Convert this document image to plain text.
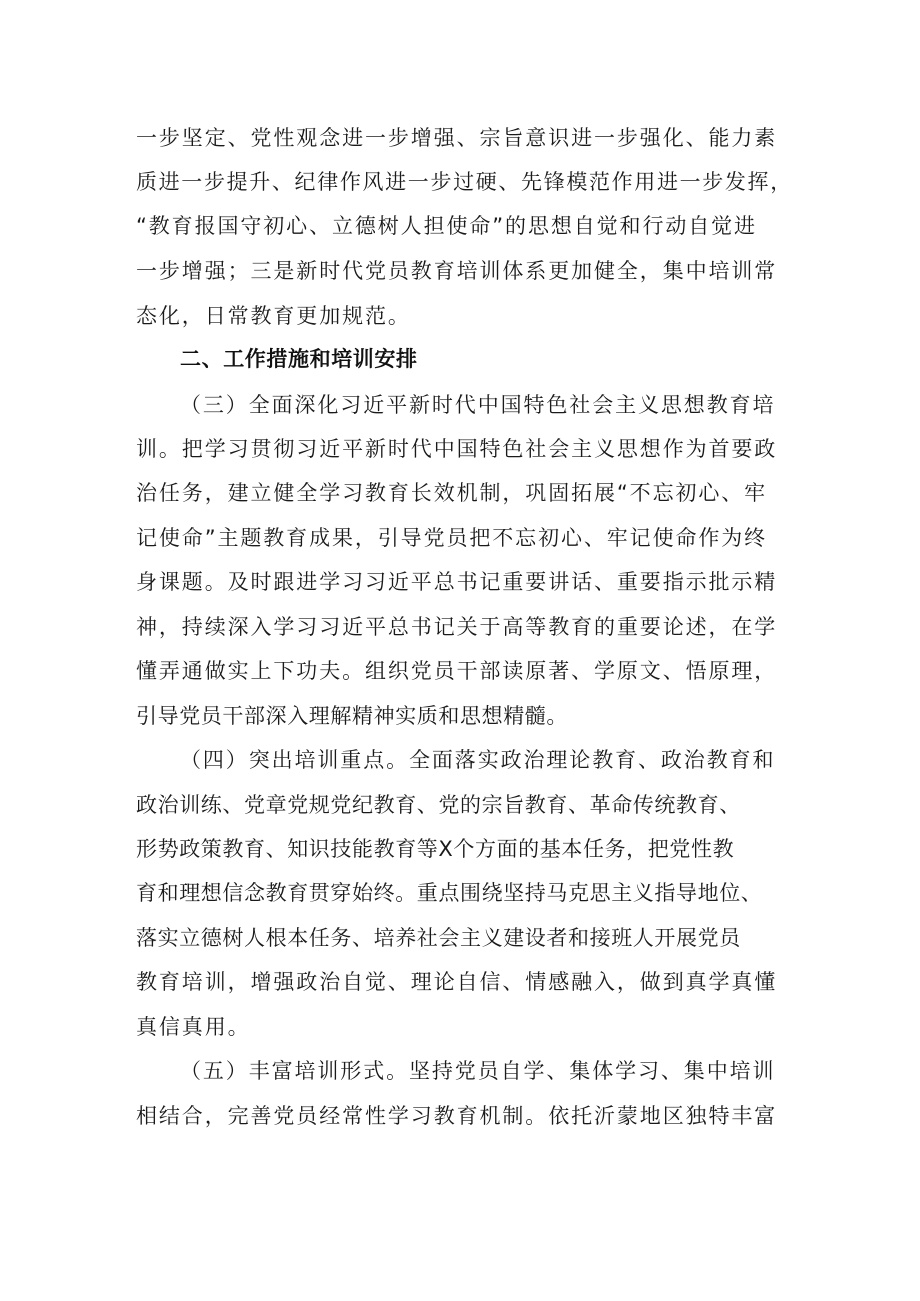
一步坚定、党性观念进一步增强、宗旨意识进一步强化、能力素
质进一步提升、纪律作风进一步过硬、先锋模范作用进一步发挥，
“教育报国守初心、立德树人担使命”的思想自觉和行动自觉进
一步增强；三是新时代党员教育培训体系更加健全，集中培训常
态化，日常教育更加规范。
二、工作措施和培训安排
（三）全面深化习近平新时代中国特色社会主义思想教育培
训。把学习贯彻习近平新时代中国特色社会主义思想作为首要政
治任务，建立健全学习教育长效机制，巩固拓展“不忘初心、牢
记使命”主题教育成果，引导党员把不忘初心、牢记使命作为终
身课题。及时跟进学习习近平总书记重要讲话、重要指示批示精
神，持续深入学习习近平总书记关于高等教育的重要论述，在学
懂弄通做实上下功夫。组织党员干部读原著、学原文、悟原理，
引导党员干部深入理解精神实质和思想精髓。
（四）突出培训重点。全面落实政治理论教育、政治教育和
政治训练、党章党规党纪教育、党的宗旨教育、革命传统教育、
形势政策教育、知识技能教育等X个方面的基本任务，把党性教
育和理想信念教育贯穿始终。重点围绕坚持马克思主义指导地位、
落实立德树人根本任务、培养社会主义建设者和接班人开展党员
教育培训，增强政治自觉、理论自信、情感融入，做到真学真懂
真信真用。
（五）丰富培训形式。坚持党员自学、集体学习、集中培训
相结合，完善党员经常性学习教育机制。依托沂蒙地区独特丰富
